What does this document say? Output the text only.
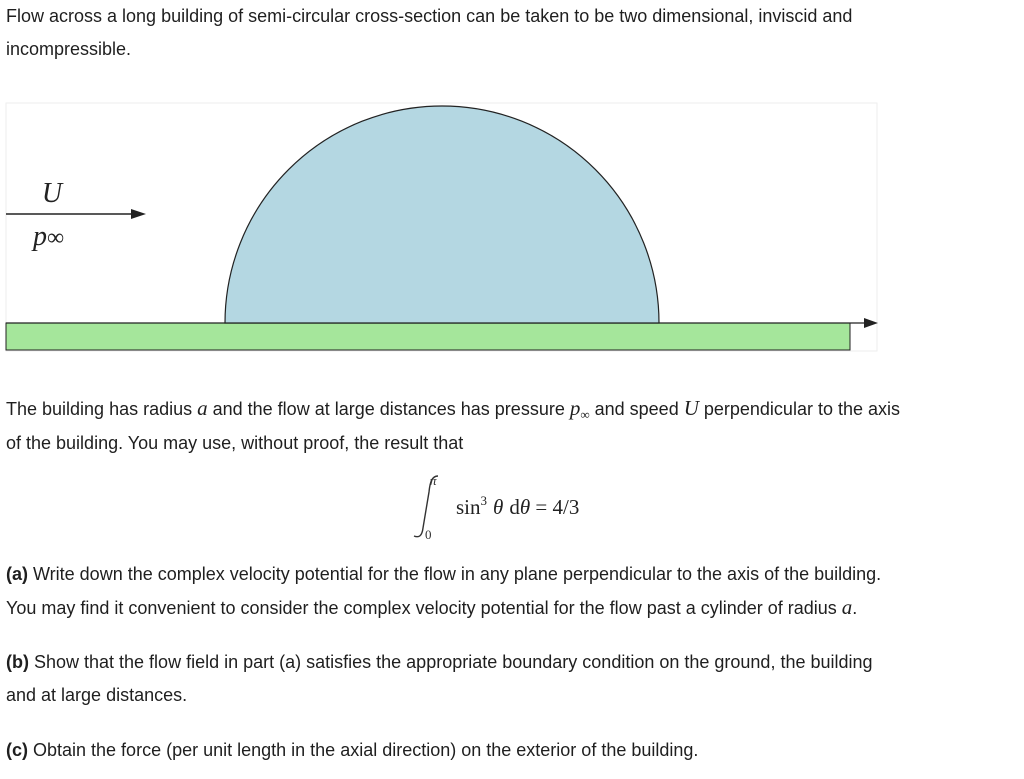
Flow across a long building of semi-circular cross-section can be taken to be two dimensional, inviscid and
incompressible.

U
p∞

The building has radius a and the flow at large distances has pressure $p_\infty$ and speed U perpendicular to the axis
of the building. You may use, without proof, the result that

π
0
$\sin^3 \theta$ dθ = 4/3

(a) Write down the complex velocity potential for the flow in any plane perpendicular to the axis of the building.
You may find it convenient to consider the complex velocity potential for the flow past a cylinder of radius a.

(b) Show that the flow field in part (a) satisfies the appropriate boundary condition on the ground, the building
and at large distances.

(c) Obtain the force (per unit length in the axial direction) on the exterior of the building.
